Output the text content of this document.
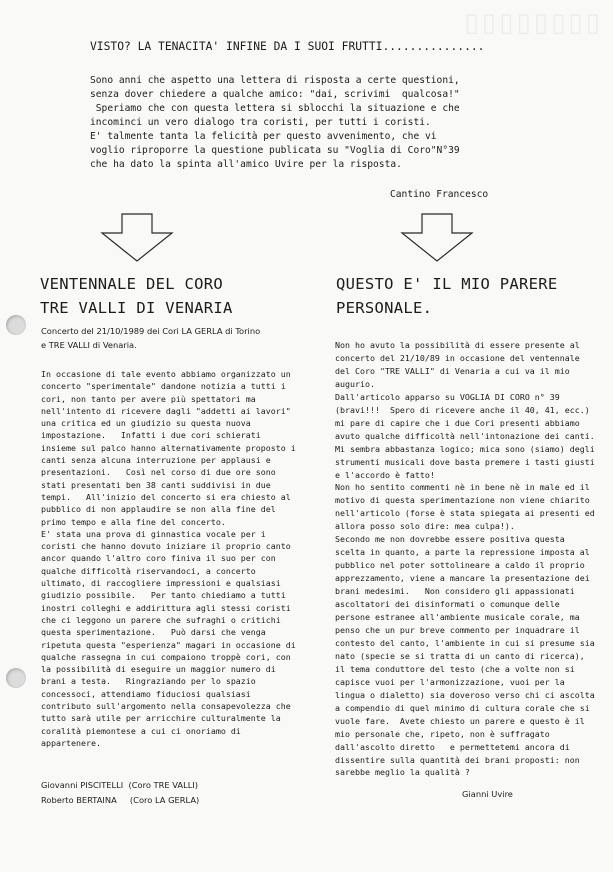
▯▯▯▯▯▯▯▯
VISTO? LA TENACITA' INFINE DA I SUOI FRUTTI...............
Sono anni che aspetto una lettera di risposta a certe questioni,
senza dover chiedere a qualche amico: "dai, scrivimi  qualcosa!"
Speriamo che con questa lettera si sblocchi la situazione e che
incominci un vero dialogo tra coristi, per tutti i coristi.
E' talmente tanta la felicità per questo avvenimento, che vi
voglio riproporre la questione publicata su "Voglia di Coro"N°39
che ha dato la spinta all'amico Uvire per la risposta.
Cantino Francesco
VENTENNALE DEL CORO
TRE VALLI DI VENARIA
Concerto del 21/10/1989 dei Cori LA GERLA di Torino
e TRE VALLI di Venaria.
In occasione di tale evento abbiamo organizzato un
concerto "sperimentale" dandone notizia a tutti i
cori, non tanto per avere più spettatori ma
nell'intento di ricevere dagli "addetti ai lavori"
una critica ed un giudizio su questa nuova
impostazione.   Infatti i due cori schierati
insieme sul palco hanno alternativamente proposto i
canti senza alcuna interruzione per applausi e
presentazioni.   Così nel corso di due ore sono
stati presentati ben 38 canti suddivisi in due
tempi.   All'inizio del concerto si era chiesto al
pubblico di non applaudire se non alla fine del
primo tempo e alla fine del concerto.
E' stata una prova di ginnastica vocale per i
coristi che hanno dovuto iniziare il proprio canto
ancor quando l'altro coro finiva il suo per con
qualche difficoltà riservandoci, a concerto
ultimato, di raccogliere impressioni e qualsiasi
giudizio possibile.   Per tanto chiediamo a tutti
inostri colleghi e addirittura agli stessi coristi
che ci leggono un parere che sufraghi o critichi
questa sperimentazione.   Può darsi che venga
ripetuta questa "esperienza" magari in occasione di
qualche rassegna in cui compaiono troppè cori, con
la possibilità di eseguire un maggior numero di
brani a testa.   Ringraziando per lo spazio
concessoci, attendiamo fiduciosi qualsiasi
contributo sull'argomento nella consapevolezza che
tutto sarà utile per arricchire culturalmente la
coralità piemontese a cui ci onoriamo di
appartenere.
Giovanni PISCITELLI  (Coro TRE VALLI)
Roberto BERTAINA     (Coro LA GERLA)
QUESTO E' IL MIO PARERE
PERSONALE.
Non ho avuto la possibilità di essere presente al
concerto del 21/10/89 in occasione del ventennale
del Coro "TRE VALLI" di Venaria a cui va il mio
augurio.
Dall'articolo apparso su VOGLIA DI CORO n° 39
(bravi!!!  Spero di ricevere anche il 40, 41, ecc.)
mi pare di capire che i due Cori presenti abbiamo
avuto qualche difficoltà nell'intonazione dei canti.
Mi sembra abbastanza logico; mica sono (siamo) degli
strumenti musicali dove basta premere i tasti giusti
e l'accordo è fatto!
Non ho sentito commenti nè in bene nè in male ed il
motivo di questa sperimentazione non viene chiarito
nell'articolo (forse è stata spiegata ai presenti ed
allora posso solo dire: mea culpa!).
Secondo me non dovrebbe essere positiva questa
scelta in quanto, a parte la repressione imposta al
pubblico nel poter sottolineare a caldo il proprio
apprezzamento, viene a mancare la presentazione dei
brani medesimi.   Non considero gli appassionati
ascoltatori dei disinformati o comunque delle
persone estranee all'ambiente musicale corale, ma
penso che un pur breve commento per inquadrare il
contesto del canto, l'ambiente in cui si presume sia
nato (specie se si tratta di un canto di ricerca),
il tema conduttore del testo (che a volte non si
capisce vuoi per l'armonizzazione, vuoi per la
lingua o dialetto) sia doveroso verso chi ci ascolta
a compendio di quel minimo di cultura corale che si
vuole fare.  Avete chiesto un parere e questo è il
mio personale che, ripeto, non è suffragato
dall'ascolto diretto   e permettetemi ancora di
dissentire sulla quantità dei brani proposti: non
sarebbe meglio la qualità ?
Gianni Uvire
